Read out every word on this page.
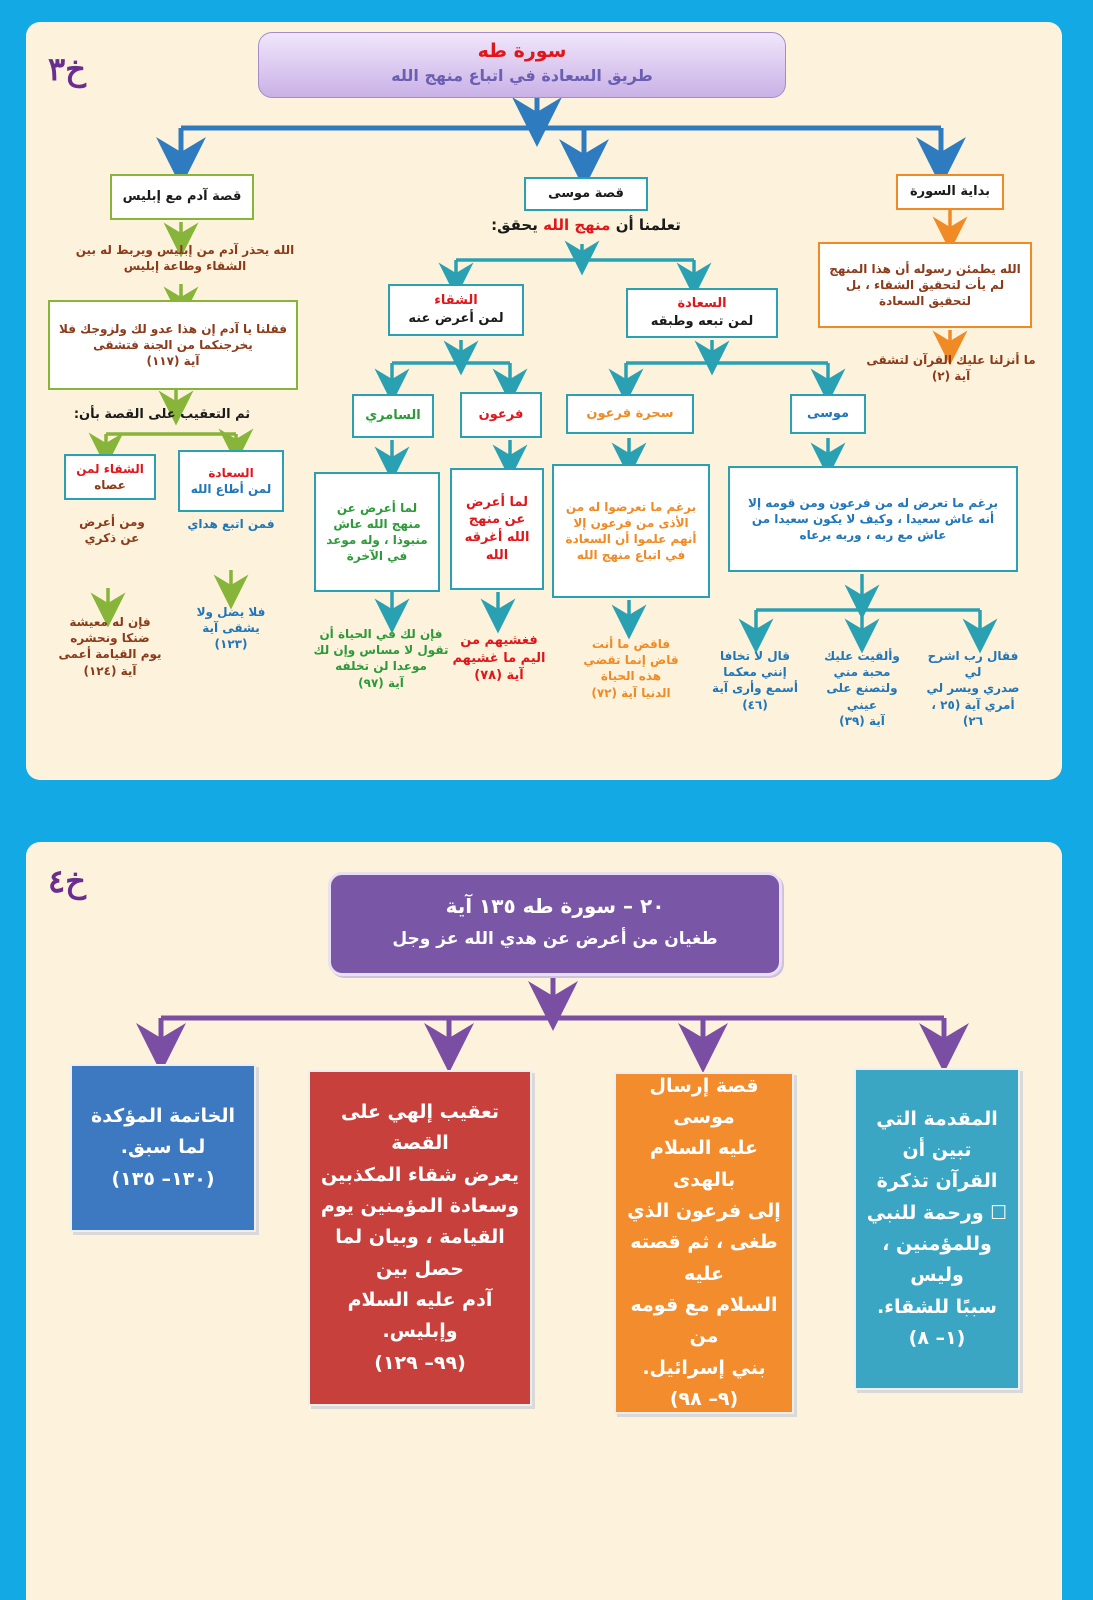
خ٣	سورة طه
طريق السعادة في اتباع منهج الله
بداية السورة
الله يطمئن رسوله أن هذا المنهج لم يأت لتحقيق الشقاء ، بل لتحقيق السعادة
ما أنزلنا عليك القرآن لتشقى
آية (٢)
قصة موسى
تعلمنا أن منهج الله يحقق:
السعادة
لمن تبعه وطبقه
الشقاء
لمن أعرض عنه
موسى
سحرة فرعون
فرعون
السامري
برغم ما تعرض له من فرعون ومن قومه إلا أنه عاش سعيدا ، وكيف لا يكون سعيدا من عاش مع ربه ، وربه يرعاه
برغم ما تعرضوا له من الأذى من فرعون إلا أنهم علموا أن السعادة في اتباع منهج الله
لما أعرض عن منهج الله أغرقه الله
لما أعرض عن منهج الله عاش منبوذا ، وله موعد في الآخرة
فقال رب اشرح لي
صدري ويسر لي
أمري آية (٢٥ ،
٢٦)
وألقيت عليك
محبة مني
ولتصنع على
عيني
آية (٣٩)
قال لا تخافا
إنني معكما
أسمع وأرى آية
(٤٦)
فاقض ما أنت
قاض إنما تقضي
هذه الحياة
الدنيا آية (٧٢)
فغشيهم من
اليم ما غشيهم
آية (٧٨)
فإن لك في الحياة أن
تقول لا مساس وإن لك
موعدا لن تخلفه
آية (٩٧)
قصة آدم مع إبليس
الله يحذر آدم من إبليس ويربط له بين الشقاء وطاعة إبليس
فقلنا يا آدم إن هذا عدو لك ولزوجك فلا
يخرجنكما من الجنة فتشقى
آية (١١٧)
ثم التعقيب على القصة بأن:
السعادة
لمن أطاع الله
الشقاء لمن
عصاه
فمن اتبع هداي
ومن أعرض
عن ذكري
فلا يضل ولا
يشقى آية
(١٢٣)
فإن له معيشة
ضنكا ونحشره
يوم القيامة أعمى
آية (١٢٤)
خ٤
٢٠ – سورة طه ١٣٥ آية
طغيان من أعرض عن هدي الله عز وجل
المقدمة التي تبين أن
القرآن تذكرة
☐ ورحمة للنبي
وللمؤمنين ، وليس
سببًا للشقاء.
(١– ٨)
قصة إرسال موسى
عليه السلام بالهدى
إلى فرعون الذي
طغى ، ثم قصته عليه
السلام مع قومه من
بني إسرائيل.
(٩– ٩٨)
تعقيب إلهي على القصة
يعرض شقاء المكذبين
وسعادة المؤمنين يوم
القيامة ، وبيان لما حصل بين
آدم عليه السلام وإبليس.
(٩٩– ١٢٩)
الخاتمة المؤكدة
لما سبق.
(١٣٠– ١٣٥)
